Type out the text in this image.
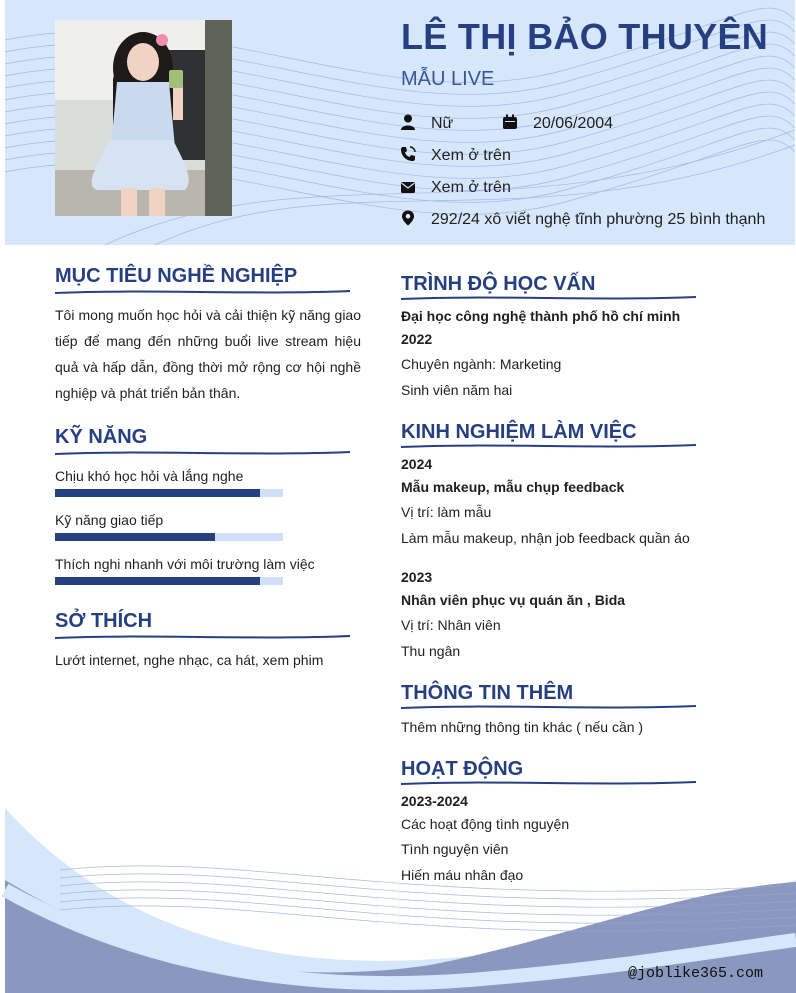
LÊ THỊ BẢO THUYÊN
MẪU LIVE
Nữ	20/06/2004
Xem ở trên
Xem ở trên
292/24 xô viết nghệ tĩnh phường 25 bình thạnh
MỤC TIÊU NGHỀ NGHIỆP
Tôi mong muốn học hỏi và cải thiện kỹ năng giao tiếp để mang đến những buổi live stream hiệu quả và hấp dẫn, đồng thời mở rộng cơ hội nghề nghiệp và phát triển bản thân.
KỸ NĂNG
Chịu khó học hỏi và lắng nghe
Kỹ năng giao tiếp
Thích nghi nhanh với môi trường làm việc
SỞ THÍCH
Lướt internet, nghe nhạc, ca hát, xem phim
TRÌNH ĐỘ HỌC VẤN
Đại học công nghệ thành phố hồ chí minh
2022
Chuyên ngành: Marketing
Sinh viên năm hai
KINH NGHIỆM LÀM VIỆC
2024
Mẫu makeup, mẫu chụp feedback
Vị trí: làm mẫu
Làm mẫu makeup, nhận job feedback quần áo
2023
Nhân viên phục vụ quán ăn , Bida
Vị trí: Nhân viên
Thu ngân
THÔNG TIN THÊM
Thêm những thông tin khác ( nếu cần )
HOẠT ĐỘNG
2023-2024
Các hoạt động tình nguyện
Tình nguyện viên
Hiến máu nhân đạo
@joblike365.com
